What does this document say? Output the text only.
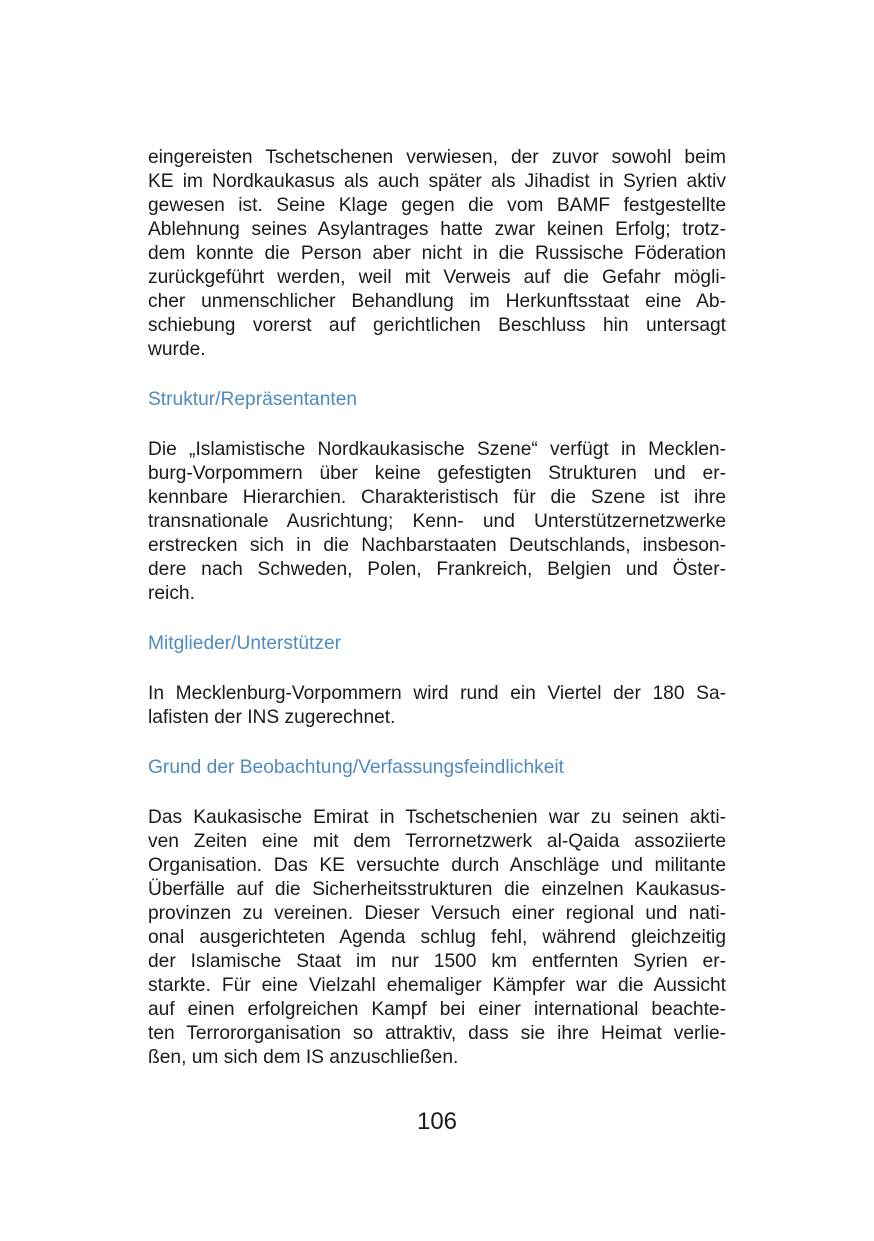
eingereisten Tschetschenen verwiesen, der zuvor sowohl beim
KE im Nordkaukasus als auch später als Jihadist in Syrien aktiv
gewesen ist. Seine Klage gegen die vom BAMF festgestellte
Ablehnung seines Asylantrages hatte zwar keinen Erfolg; trotz-
dem konnte die Person aber nicht in die Russische Föderation
zurückgeführt werden, weil mit Verweis auf die Gefahr mögli-
cher unmenschlicher Behandlung im Herkunftsstaat eine Ab-
schiebung vorerst auf gerichtlichen Beschluss hin untersagt
wurde.

Struktur/Repräsentanten

Die „Islamistische Nordkaukasische Szene“ verfügt in Mecklen-
burg-Vorpommern über keine gefestigten Strukturen und er-
kennbare Hierarchien. Charakteristisch für die Szene ist ihre
transnationale Ausrichtung; Kenn- und Unterstützernetzwerke
erstrecken sich in die Nachbarstaaten Deutschlands, insbeson-
dere nach Schweden, Polen, Frankreich, Belgien und Öster-
reich.

Mitglieder/Unterstützer

In Mecklenburg-Vorpommern wird rund ein Viertel der 180 Sa-
lafisten der INS zugerechnet.

Grund der Beobachtung/Verfassungsfeindlichkeit

Das Kaukasische Emirat in Tschetschenien war zu seinen akti-
ven Zeiten eine mit dem Terrornetzwerk al-Qaida assoziierte
Organisation. Das KE versuchte durch Anschläge und militante
Überfälle auf die Sicherheitsstrukturen die einzelnen Kaukasus-
provinzen zu vereinen. Dieser Versuch einer regional und nati-
onal ausgerichteten Agenda schlug fehl, während gleichzeitig
der Islamische Staat im nur 1500 km entfernten Syrien er-
starkte. Für eine Vielzahl ehemaliger Kämpfer war die Aussicht
auf einen erfolgreichen Kampf bei einer international beachte-
ten Terrororganisation so attraktiv, dass sie ihre Heimat verlie-
ßen, um sich dem IS anzuschließen.

106
